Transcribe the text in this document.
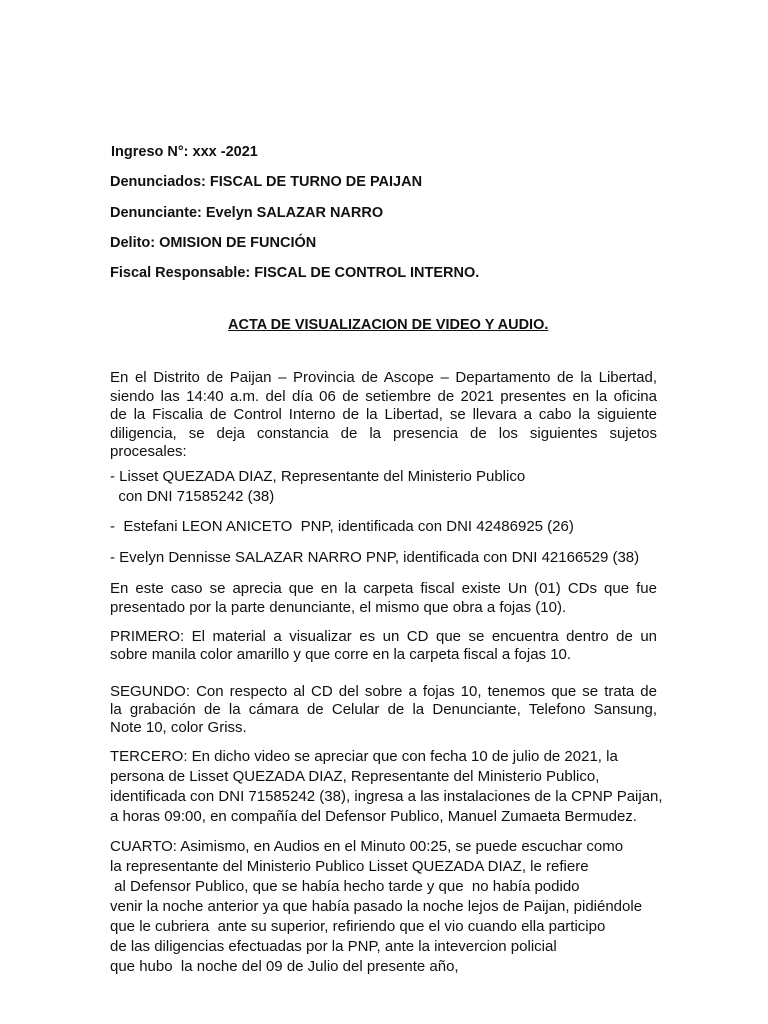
Ingreso N°: xxx -2021
Denunciados: FISCAL DE TURNO DE PAIJAN
Denunciante: Evelyn SALAZAR NARRO
Delito: OMISION DE FUNCIÓN
Fiscal Responsable: FISCAL DE CONTROL INTERNO.
ACTA DE VISUALIZACION DE VIDEO Y AUDIO.
En el Distrito de Paijan – Provincia de Ascope – Departamento de la Libertad,
siendo las 14:40 a.m. del día 06 de setiembre de 2021 presentes en la oficina
de la Fiscalia de Control Interno de la Libertad, se llevara a cabo la siguiente
diligencia, se deja constancia de la presencia de los siguientes sujetos
procesales:
- Lisset QUEZADA DIAZ, Representante del Ministerio Publico
con DNI 71585242 (38)
-  Estefani LEON ANICETO  PNP, identificada con DNI 42486925 (26)
- Evelyn Dennisse SALAZAR NARRO PNP, identificada con DNI 42166529 (38)
En este caso se aprecia que en la carpeta fiscal existe Un (01) CDs que fue
presentado por la parte denunciante, el mismo que obra a fojas (10).
PRIMERO: El material a visualizar es un CD que se encuentra dentro de un
sobre manila color amarillo y que corre en la carpeta fiscal a fojas 10.
SEGUNDO: Con respecto al CD del sobre a fojas 10, tenemos que se trata de
la grabación de la cámara de Celular de la Denunciante, Telefono Sansung,
Note 10, color Griss.
TERCERO: En dicho video se apreciar que con fecha 10 de julio de 2021, la
persona de Lisset QUEZADA DIAZ, Representante del Ministerio Publico,
identificada con DNI 71585242 (38), ingresa a las instalaciones de la CPNP Paijan,
a horas 09:00, en compañía del Defensor Publico, Manuel Zumaeta Bermudez.
CUARTO: Asimismo, en Audios en el Minuto 00:25, se puede escuchar como
la representante del Ministerio Publico Lisset QUEZADA DIAZ, le refiere
al Defensor Publico, que se había hecho tarde y que  no había podido
venir la noche anterior ya que había pasado la noche lejos de Paijan, pidiéndole
que le cubriera  ante su superior, refiriendo que el vio cuando ella participo
de las diligencias efectuadas por la PNP, ante la intevercion policial
que hubo  la noche del 09 de Julio del presente año,
